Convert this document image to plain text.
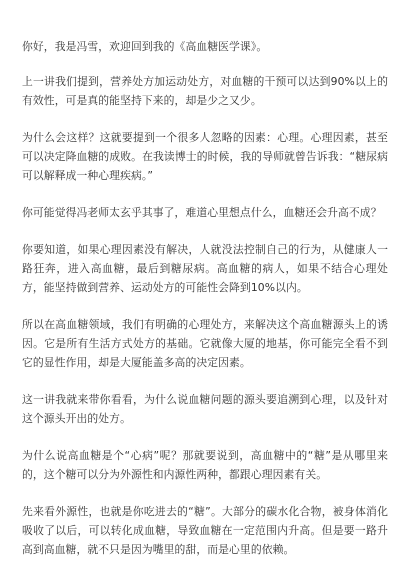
你好，我是冯雪，欢迎回到我的《高血糖医学课》。

上一讲我们提到，营养处方加运动处方，对血糖的干预可以达到90%以上的有效性，可是真的能坚持下来的，却是少之又少。

为什么会这样？这就要提到一个很多人忽略的因素：心理。心理因素，甚至可以决定降血糖的成败。在我读博士的时候，我的导师就曾告诉我：“糖尿病可以解释成一种心理疾病。”

你可能觉得冯老师太玄乎其事了，难道心里想点什么，血糖还会升高不成？

你要知道，如果心理因素没有解决，人就没法控制自己的行为，从健康人一路狂奔，进入高血糖，最后到糖尿病。高血糖的病人，如果不结合心理处方，能坚持做到营养、运动处方的可能性会降到10%以内。

所以在高血糖领域，我们有明确的心理处方，来解决这个高血糖源头上的诱因。它是所有生活方式处方的基础。它就像大厦的地基，你可能完全看不到它的显性作用，却是大厦能盖多高的决定因素。

这一讲我就来带你看看，为什么说血糖问题的源头要追溯到心理，以及针对这个源头开出的处方。

为什么说高血糖是个“心病”呢？那就要说到，高血糖中的“糖”是从哪里来的，这个糖可以分为外源性和内源性两种，都跟心理因素有关。

先来看外源性，也就是你吃进去的“糖”。大部分的碳水化合物，被身体消化吸收了以后，可以转化成血糖，导致血糖在一定范围内升高。但是要一路升高到高血糖，就不只是因为嘴里的甜，而是心里的依赖。
